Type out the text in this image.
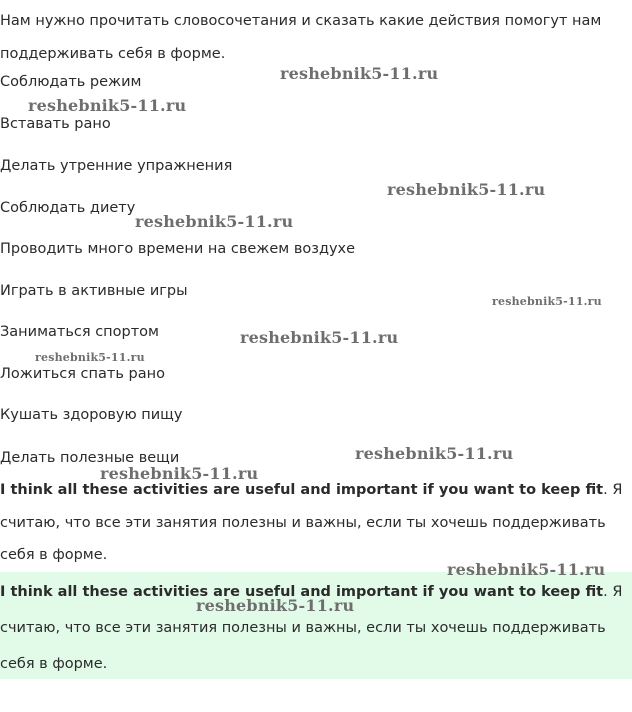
Нам нужно прочитать словосочетания и сказать какие действия помогут нам поддерживать себя в форме.

Соблюдать режим

Вставать рано

Делать утренние упражнения

Соблюдать диету

Проводить много времени на свежем воздухе

Играть в активные игры

Заниматься спортом

Ложиться спать рано

Кушать здоровую пищу

Делать полезные вещи

I think all these activities are useful and important if you want to keep fit. Я считаю, что все эти занятия полезны и важны, если ты хочешь поддерживать себя в форме.

I think all these activities are useful and important if you want to keep fit. Я считаю, что все эти занятия полезны и важны, если ты хочешь поддерживать себя в форме.

reshebnik5-11.ru
reshebnik5-11.ru
reshebnik5-11.ru
reshebnik5-11.ru
reshebnik5-11.ru
reshebnik5-11.ru
reshebnik5-11.ru
reshebnik5-11.ru
reshebnik5-11.ru
reshebnik5-11.ru
reshebnik5-11.ru
